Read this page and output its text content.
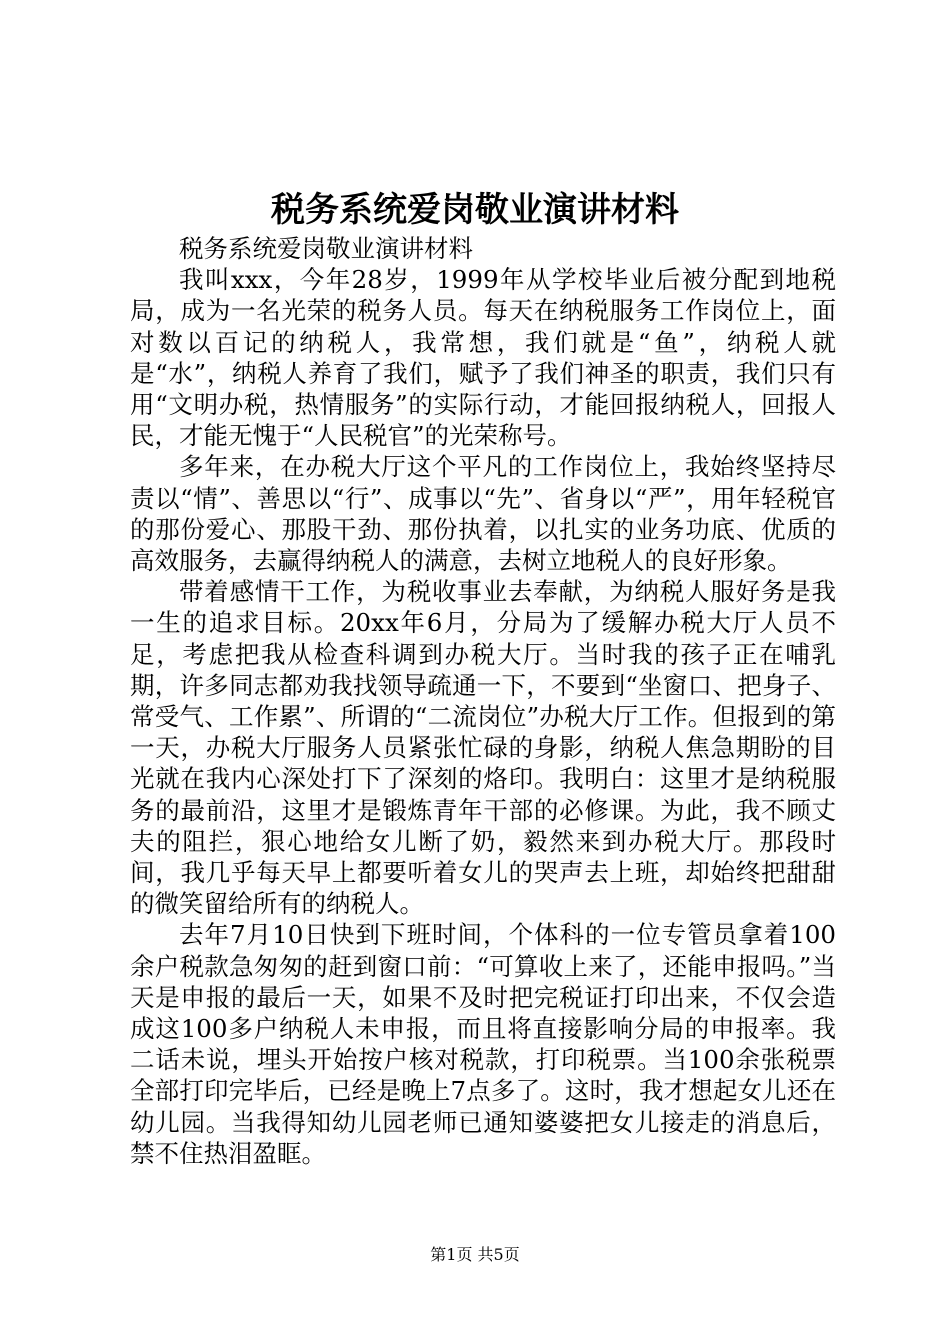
税务系统爱岗敬业演讲材料

税务系统爱岗敬业演讲材料

我叫xxx，今年28岁，1999年从学校毕业后被分配到地税局，成为一名光荣的税务人员。每天在纳税服务工作岗位上，面对数以百记的纳税人，我常想，我们就是“鱼”，纳税人就是“水”，纳税人养育了我们，赋予了我们神圣的职责，我们只有用“文明办税，热情服务”的实际行动，才能回报纳税人，回报人民，才能无愧于“人民税官”的光荣称号。

多年来，在办税大厅这个平凡的工作岗位上，我始终坚持尽责以“情”、善思以“行”、成事以“先”、省身以“严”，用年轻税官的那份爱心、那股干劲、那份执着，以扎实的业务功底、优质的高效服务，去赢得纳税人的满意，去树立地税人的良好形象。

带着感情干工作，为税收事业去奉献，为纳税人服好务是我一生的追求目标。20xx年6月，分局为了缓解办税大厅人员不足，考虑把我从检查科调到办税大厅。当时我的孩子正在哺乳期，许多同志都劝我找领导疏通一下，不要到“坐窗口、把身子、常受气、工作累”、所谓的“二流岗位”办税大厅工作。但报到的第一天，办税大厅服务人员紧张忙碌的身影，纳税人焦急期盼的目光就在我内心深处打下了深刻的烙印。我明白：这里才是纳税服务的最前沿，这里才是锻炼青年干部的必修课。为此，我不顾丈夫的阻拦，狠心地给女儿断了奶，毅然来到办税大厅。那段时间，我几乎每天早上都要听着女儿的哭声去上班，却始终把甜甜的微笑留给所有的纳税人。

去年7月10日快到下班时间，个体科的一位专管员拿着100余户税款急匆匆的赶到窗口前：“可算收上来了，还能申报吗。”当天是申报的最后一天，如果不及时把完税证打印出来，不仅会造成这100多户纳税人未申报，而且将直接影响分局的申报率。我二话未说，埋头开始按户核对税款，打印税票。当100余张税票全部打印完毕后，已经是晚上7点多了。这时，我才想起女儿还在幼儿园。当我得知幼儿园老师已通知婆婆把女儿接走的消息后，禁不住热泪盈眶。

第1页 共5页
